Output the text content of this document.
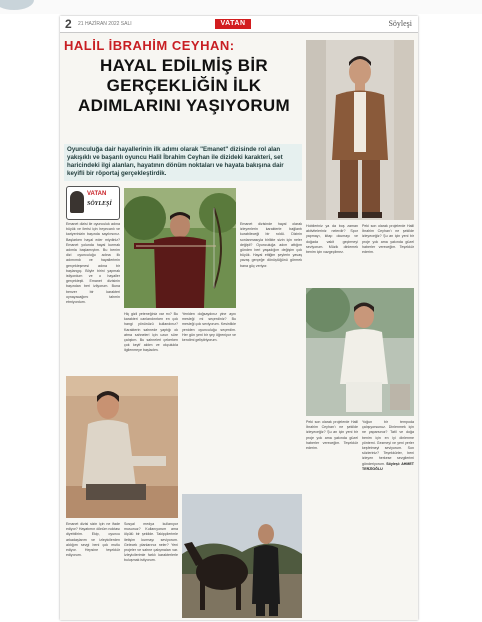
2 21 HAZİRAN 2022 SALI	VATAN	Söyleşi
HALİL İBRAHİM CEYHAN:
HAYAL EDİLMİŞ BİR
GERÇEKLİĞİN İLK
ADIMLARINI YAŞIYORUM
Oyunculuğa dair hayallerinin ilk adımı olarak "Emanet" dizisinde rol alan yakışıklı ve başarılı oyuncu Halil İbrahim Ceyhan ile dizideki karakteri, set haricindeki ilgi alanları, hayatının dönüm noktaları ve hayata bakışına dair keyifli bir röportaj gerçekleştirdik.
VATAN
SÖYLEŞİ
Emanet dizisi ile oyunculuk adına büyük ve ilerisi için heyecanlı ve kariyerinizin başında sayılırsınız. Başlarken hayal eder miydiniz? Emanet yolunda hayal kurmak adımla başlamıştım. Bu benim dizi oyunculuğu adına ilk adımımdı ve hayallerimin gerçekleşmesi adına bir başlangıç. Böyle birini yapmak istiyordum ve o hayaller gerçekleşti. Emanet dizisinin başından beri izliyorum. Buna benzer bir karakteri oynayacağımı tahmin etmiyordum.
Emanet dizisinde hayal olarak izleyenlerin karakterle bağlantı kurabileceği bir roldü. Dizinin sonlanmasıyla birlikte sizin için neler değişti? Oyunculuğa adım attığım günden beri yaşadığım değişim çok büyük. Hayal ettiğim şeylerin yavaş yavaş gerçeğe dönüştüğünü görmek bana güç veriyor.
Hiç gizli yeteneğiniz var mı? Bu karakteri canlandırırken en çok hangi yönünüzü kullandınız? Karakterin sahnede yaptığı ok atma sahneleri için uzun süre çalıştım. Bu sahneleri çekerken çok keyif aldım ve okçulukla ilgilenmeye başladım.
Yeniden doğsaydınız yine aynı mesleği mi seçerdiniz? Bu mesleği çok seviyorum. Kesinlikle yeniden oyunculuğu seçerdim. Her gün yeni bir şey öğreniyor ve kendimi geliştiriyorum.
Emanet dizisi sizin için ne ifade ediyor? Hayatımın dönüm noktası diyebilirim. Ekip, oyuncu arkadaşlarım ve izleyicilerden aldığım sevgi beni çok mutlu ediyor. Hepsine teşekkür ediyorum.
Sosyal medya kullanıyor musunuz? Kullanıyorum ama ölçülü bir şekilde. Takipçilerimle iletişim kurmayı seviyorum. Gelecek planlarınız neler? Yeni projeler ve sahne çalışmaları var. İzleyicilerimle farklı karakterlerle buluşmak istiyorum.
Hobileriniz ya da boş zaman aktiviteleriniz nelerdir? Spor yapmayı, kitap okumayı ve doğada vakit geçirmeyi seviyorum. Müzik dinlemek benim için vazgeçilmez.
Peki son olarak projelerde Halil İbrahim Ceyhan'ı ne şekilde izleyeceğiz? Şu an için yeni bir proje yok ama yakında güzel haberler vereceğim. Teşekkür ederim.
Peki son olarak projelerde Halil İbrahim Ceyhan'ı ne şekilde izleyeceğiz? Şu an için yeni bir proje yok ama yakında güzel haberler vereceğim. Teşekkür ederim.
Yoğun bir tempoda çalışıyorsunuz. Dinlenmek için ne yaparsınız? Tatil ve doğa benim için en iyi dinlenme yöntemi. Gezmeyi ve yeni yerler keşfetmeyi seviyorum. Son sözleriniz? Teşekkürler, beni izleyen herkese sevgilerimi gönderiyorum. Söyleşi: AHMET TERZİOĞLU
